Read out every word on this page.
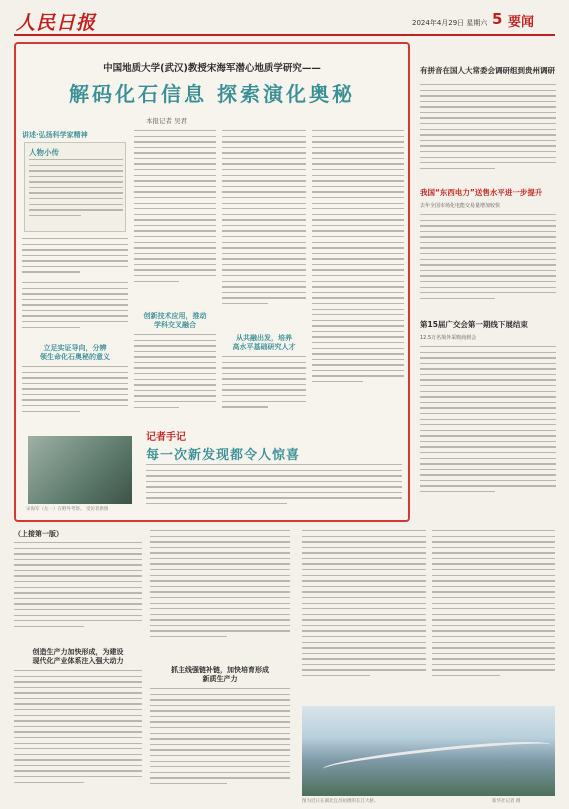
人民日报	2024年4月29日 星期六 5 要闻
中国地质大学(武汉)教授宋海军潜心地质学研究——
解码化石信息 探索演化奥秘
本报记者 吴君
讲述·弘扬科学家精神
人物小传
立足实证导向，分辨
领生命化石奥秘的意义
创新技术应用，推动
学科交叉融合
从共融出发，培养
高水平基础研究人才
宋海军（左一）在野外考察。 受访者供图
记者手记
每一次新发现都令人惊喜
有拼音在国人大常委会调研组到贵州调研
我国“东西电力”送售水平进一步提升
去年全国市场化电能交易量增加较快
第15届广交会第一期线下展结束
12.5万名境外采购商到会
（上接第一版）
创造生产力加快形成，为建设
现代化产业体系注入强大动力
抓主线强链补链，加快培育形成
新质生产力
图为近日在湖北宜昌拍摄的长江大桥。	新华社记者 摄
